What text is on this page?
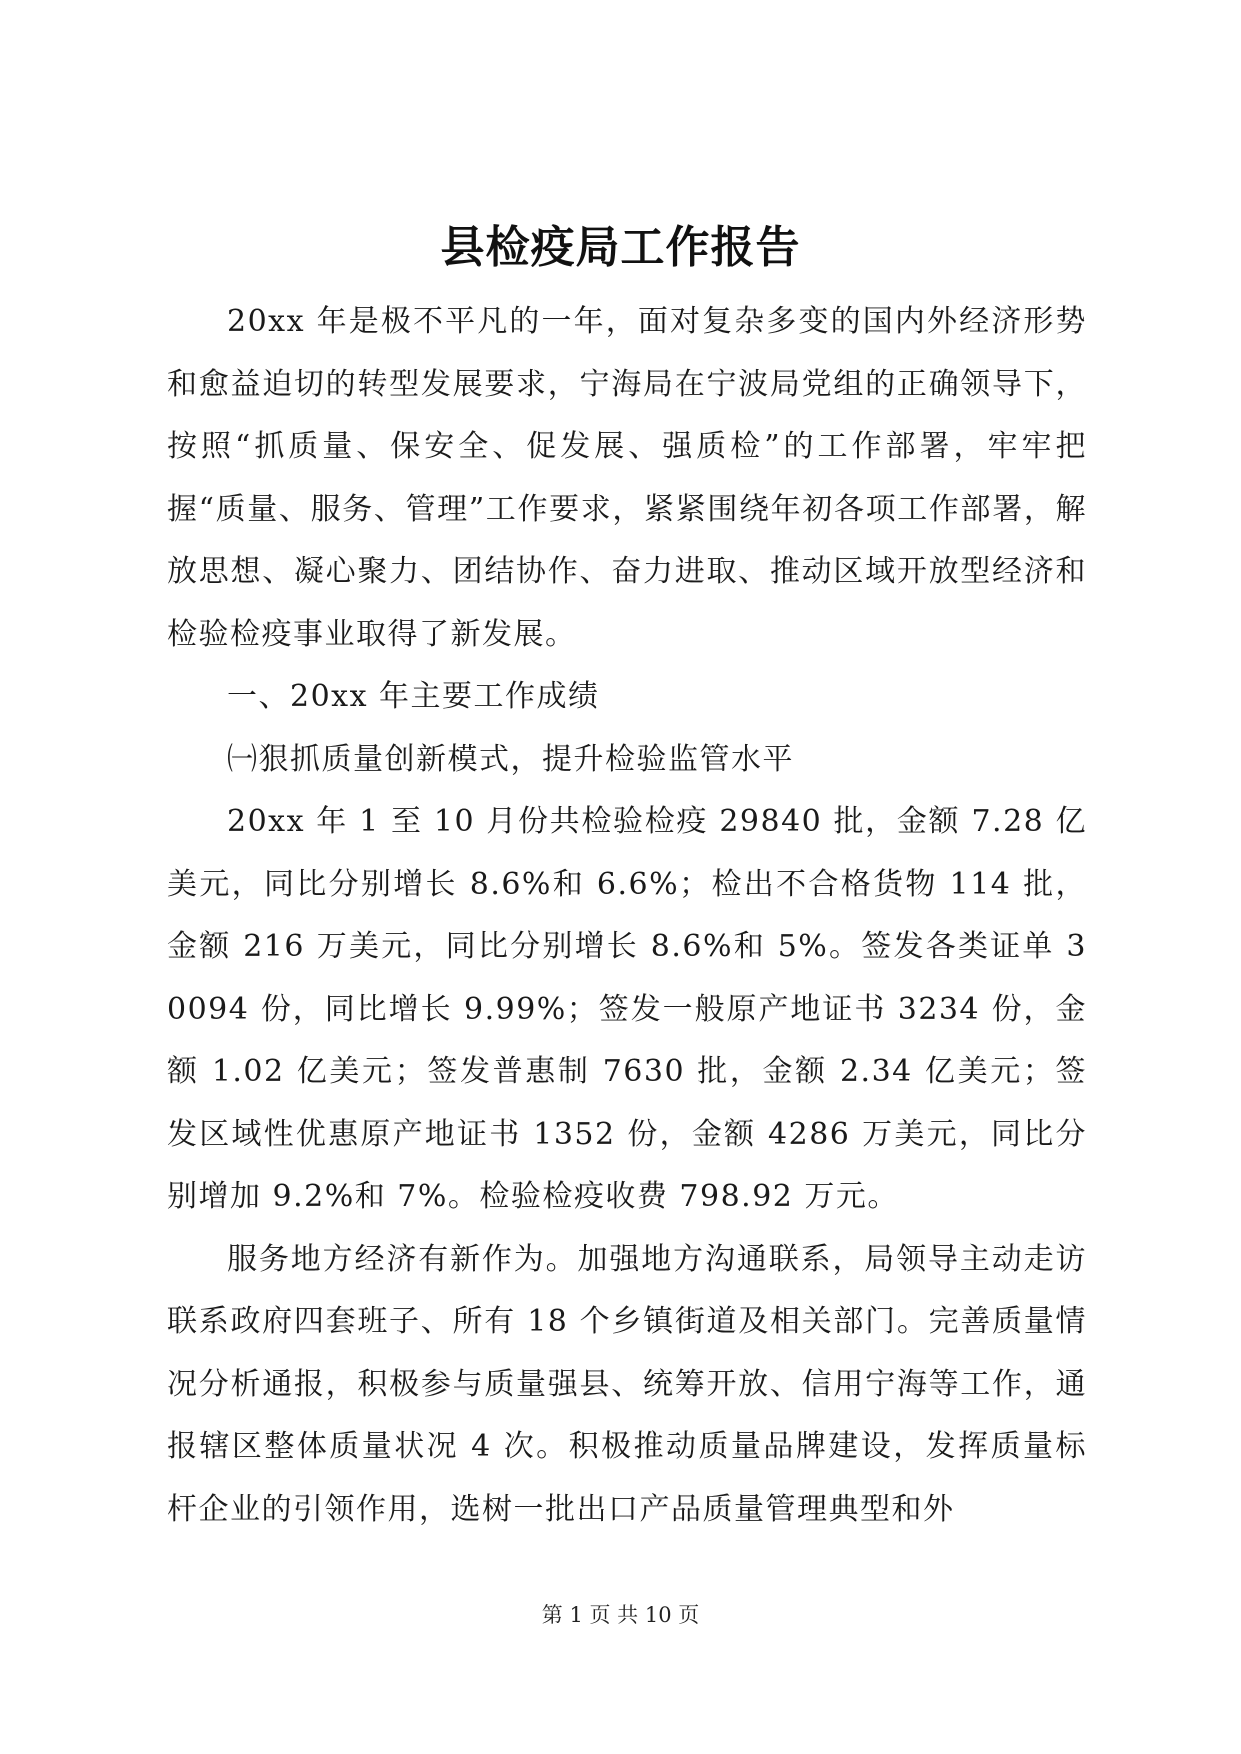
县检疫局工作报告

20xx 年是极不平凡的一年，面对复杂多变的国内外经济形势和愈益迫切的转型发展要求，宁海局在宁波局党组的正确领导下，按照“抓质量、保安全、促发展、强质检”的工作部署，牢牢把握“质量、服务、管理”工作要求，紧紧围绕年初各项工作部署，解放思想、凝心聚力、团结协作、奋力进取、推动区域开放型经济和检验检疫事业取得了新发展。

一、20xx 年主要工作成绩

㈠狠抓质量创新模式，提升检验监管水平

20xx 年 1 至 10 月份共检验检疫 29840 批，金额 7.28 亿美元，同比分别增长 8.6%和 6.6%；检出不合格货物 114 批，金额 216 万美元，同比分别增长 8.6%和 5%。签发各类证单 30094 份，同比增长 9.99%；签发一般原产地证书 3234 份，金额 1.02 亿美元；签发普惠制 7630 批，金额 2.34 亿美元；签发区域性优惠原产地证书 1352 份，金额 4286 万美元，同比分别增加 9.2%和 7%。检验检疫收费 798.92 万元。

服务地方经济有新作为。加强地方沟通联系，局领导主动走访联系政府四套班子、所有 18 个乡镇街道及相关部门。完善质量情况分析通报，积极参与质量强县、统筹开放、信用宁海等工作，通报辖区整体质量状况 4 次。积极推动质量品牌建设，发挥质量标杆企业的引领作用，选树一批出口产品质量管理典型和外

第 1 页 共 10 页
